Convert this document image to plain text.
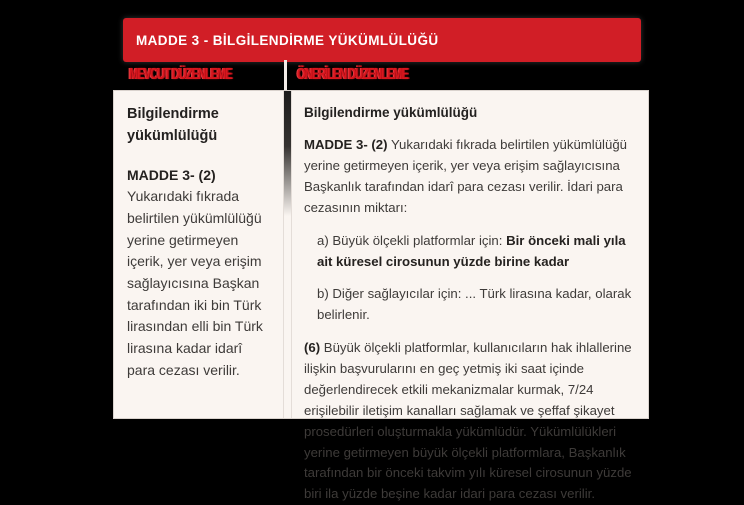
MADDE 3 - BİLGİLENDİRME YÜKÜMLÜLÜĞÜ
MEVCUT DÜZENLEME	ÖNERİLEN DÜZENLEME

Bilgilendirme yükümlülüğü

MADDE 3- (2) Yukarıdaki fıkrada belirtilen yükümlülüğü yerine getirmeyen içerik, yer veya erişim sağlayıcısına Başkan tarafından iki bin Türk lirasından elli bin Türk lirasına kadar idarî para cezası verilir.

Bilgilendirme yükümlülüğü

MADDE 3- (2) Yukarıdaki fıkrada belirtilen yükümlülüğü yerine getirmeyen içerik, yer veya erişim sağlayıcısına Başkanlık tarafından idarî para cezası verilir. İdari para cezasının miktarı:

a) Büyük ölçekli platformlar için: Bir önceki mali yıla ait küresel cirosunun yüzde birine kadar

b) Diğer sağlayıcılar için: ... Türk lirasına kadar, olarak belirlenir.

(6) Büyük ölçekli platformlar, kullanıcıların hak ihlallerine ilişkin başvurularını en geç yetmiş iki saat içinde değerlendirecek etkili mekanizmalar kurmak, 7/24 erişilebilir iletişim kanalları sağlamak ve şeffaf şikayet prosedürleri oluşturmakla yükümlüdür. Yükümlülükleri yerine getirmeyen büyük ölçekli platformlara, Başkanlık tarafından bir önceki takvim yılı küresel cirosunun yüzde biri ila yüzde beşine kadar idari para cezası verilir.
